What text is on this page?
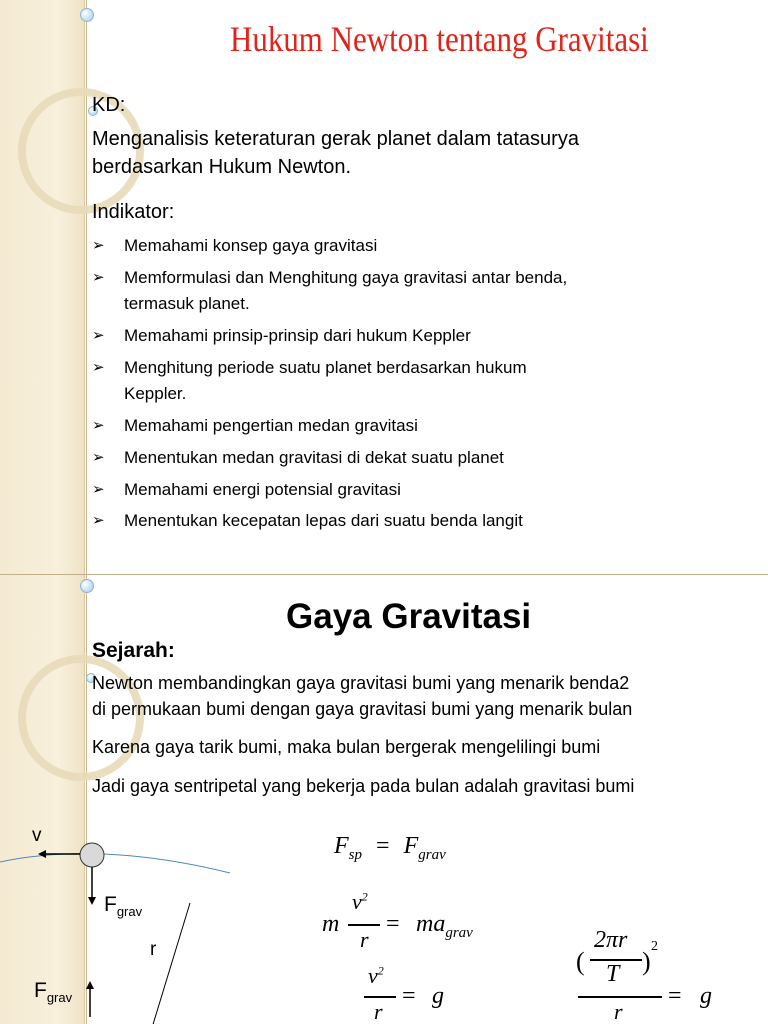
Hukum Newton tentang Gravitasi
KD:
Menganalisis keteraturan gerak planet dalam tatasurya
berdasarkan Hukum Newton.
Indikator:
➢ Memahami konsep gaya gravitasi
➢ Memformulasi dan Menghitung gaya gravitasi antar benda,
termasuk planet.
➢ Memahami prinsip-prinsip dari hukum Keppler
➢ Menghitung periode suatu planet berdasarkan hukum
Keppler.
➢ Memahami pengertian medan gravitasi
➢ Menentukan medan gravitasi di dekat suatu planet
➢ Memahami energi potensial gravitasi
➢ Menentukan kecepatan lepas dari suatu benda langit
Gaya Gravitasi
Sejarah:
Newton membandingkan gaya gravitasi bumi yang menarik benda2
di permukaan bumi dengan gaya gravitasi bumi yang menarik bulan
Karena gaya tarik bumi, maka bulan bergerak mengelilingi bumi
Jadi gaya sentripetal yang bekerja pada bulan adalah gravitasi bumi
v
$F_{grav}$
r
$F_{grav}$
$F_{sp} = F_{grav}$
m
$v^2$
r
= $ma_{grav}$
$v^2$
r
= g
(
2πr
T )
2
r
= g
